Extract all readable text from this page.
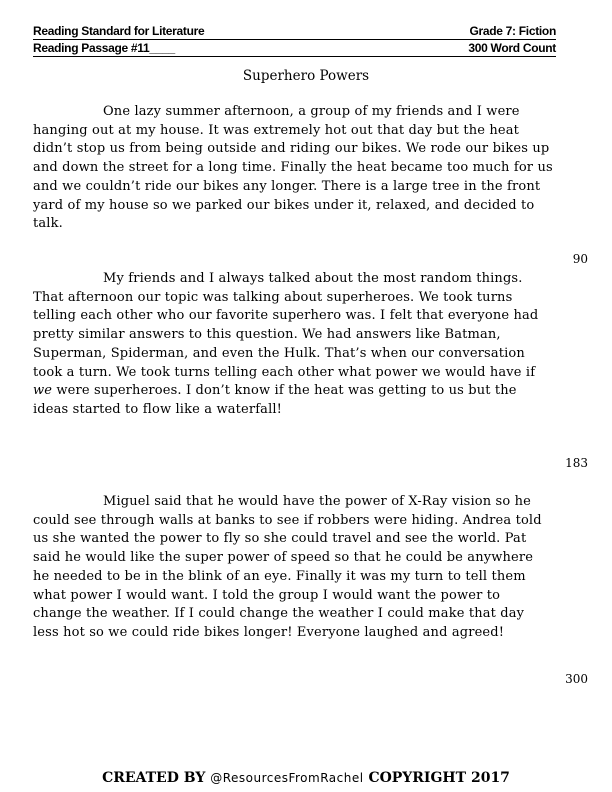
Reading Standard for Literature	Grade 7: Fiction
Reading Passage #11____	300 Word Count
Superhero Powers

One lazy summer afternoon, a group of my friends and I were hanging out at my house. It was extremely hot out that day but the heat didn’t stop us from being outside and riding our bikes. We rode our bikes up and down the street for a long time. Finally the heat became too much for us and we couldn’t ride our bikes any longer. There is a large tree in the front yard of my house so we parked our bikes under it, relaxed, and decided to talk.

90

My friends and I always talked about the most random things. That afternoon our topic was talking about superheroes. We took turns telling each other who our favorite superhero was. I felt that everyone had pretty similar answers to this question. We had answers like Batman, Superman, Spiderman, and even the Hulk. That’s when our conversation took a turn. We took turns telling each other what power we would have if we were superheroes. I don’t know if the heat was getting to us but the ideas started to flow like a waterfall!

183

Miguel said that he would have the power of X-Ray vision so he could see through walls at banks to see if robbers were hiding. Andrea told us she wanted the power to fly so she could travel and see the world. Pat said he would like the super power of speed so that he could be anywhere he needed to be in the blink of an eye. Finally it was my turn to tell them what power I would want. I told the group I would want the power to change the weather. If I could change the weather I could make that day less hot so we could ride bikes longer! Everyone laughed and agreed!

300
CREATED BY @ResourcesFromRachel COPYRIGHT 2017
